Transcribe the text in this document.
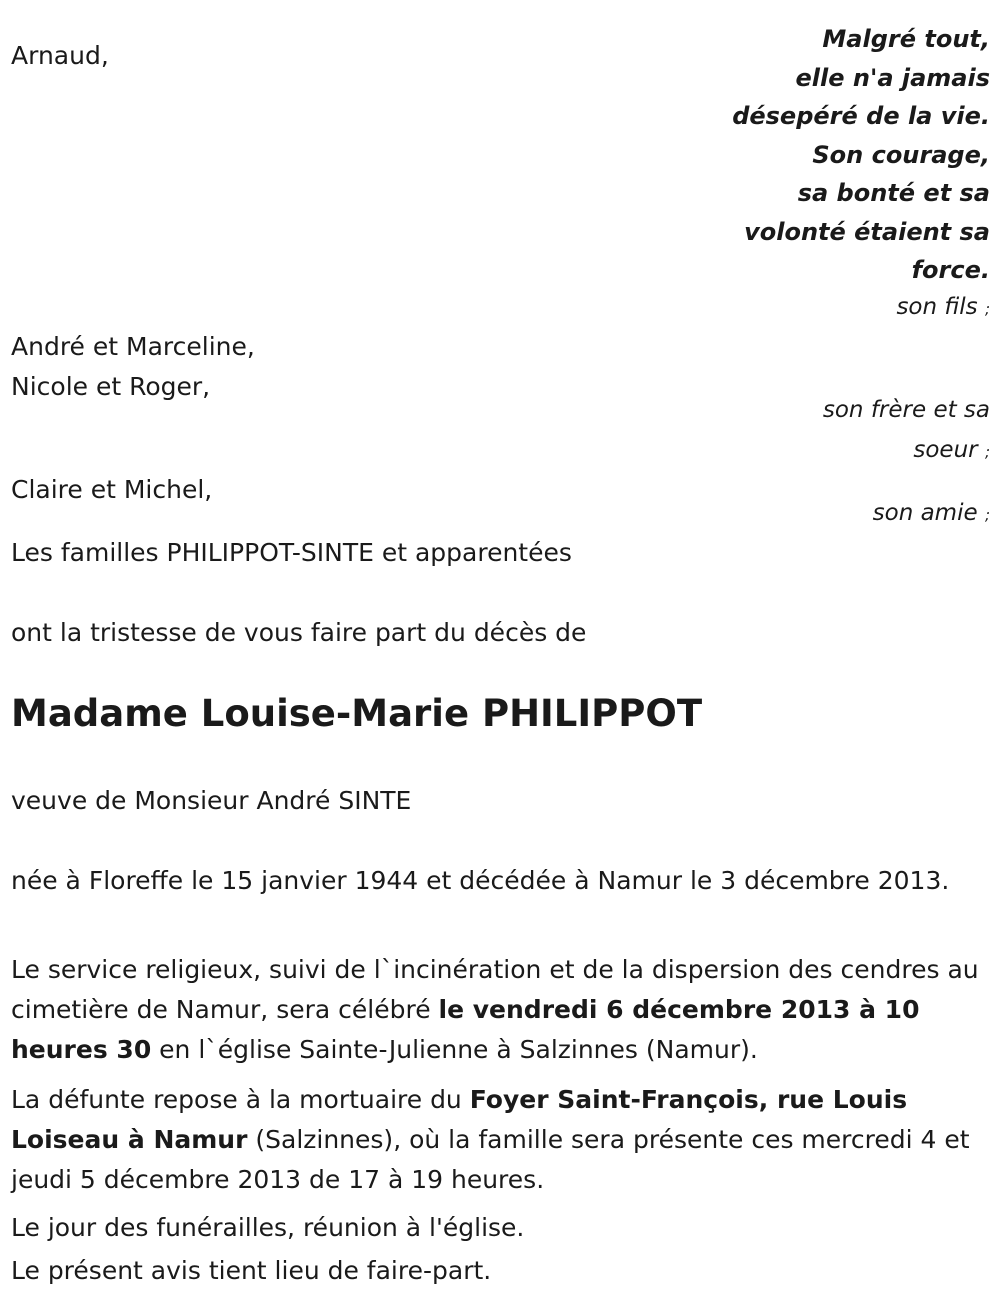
Arnaud,
André et Marceline,
Nicole et Roger,
Claire et Michel,
Les familles PHILIPPOT-SINTE et apparentées
Malgré tout,
elle n'a jamais
désepéré de la vie.
Son courage,
sa bonté et sa
volonté étaient sa
force.
son fils ;
son frère et sa
soeur ;
son amie ;
ont la tristesse de vous faire part du décès de
Madame Louise-Marie PHILIPPOT
veuve de Monsieur André SINTE
née à Floreffe le 15 janvier 1944 et décédée à Namur le 3 décembre 2013.
Le service religieux, suivi de l`incinération et de la dispersion des cendres au cimetière de Namur, sera célébré le vendredi 6 décembre 2013 à 10 heures 30 en l`église Sainte-Julienne à Salzinnes (Namur).
La défunte repose à la mortuaire du Foyer Saint-François, rue Louis Loiseau à Namur (Salzinnes), où la famille sera présente ces mercredi 4 et jeudi 5 décembre 2013 de 17 à 19 heures.
Le jour des funérailles, réunion à l'église.
Le présent avis tient lieu de faire-part.
